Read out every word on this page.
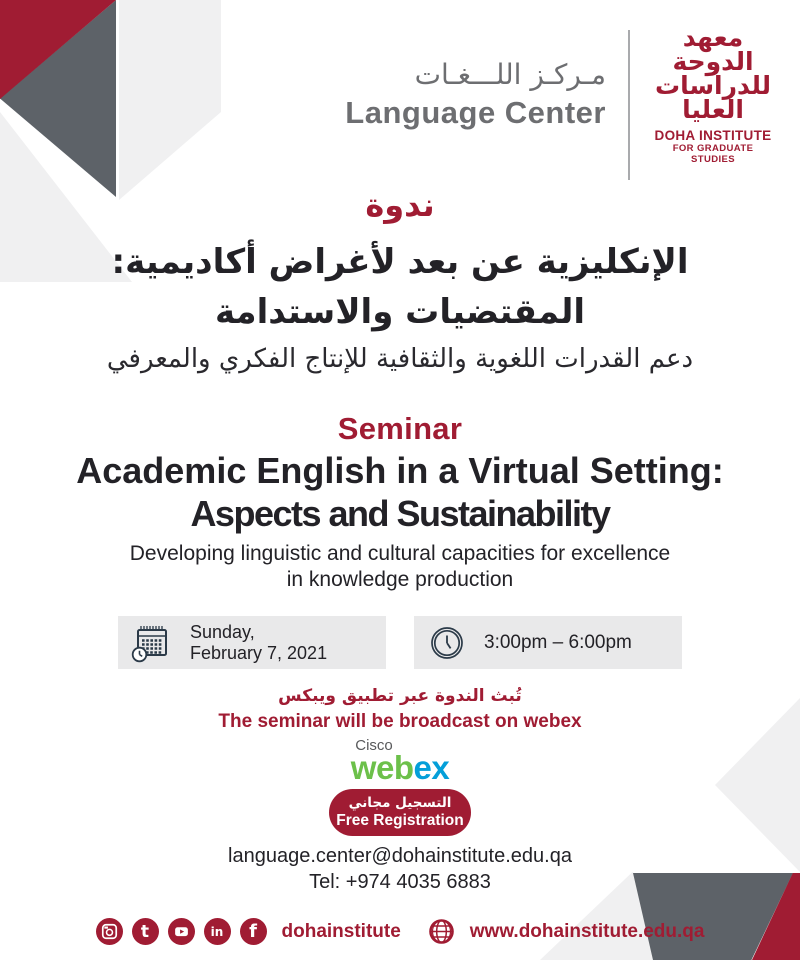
مـركـز اللـــغـات
Language Center
معهد
الدوحة
للدراسات
العليا
DOHA INSTITUTE
FOR GRADUATE STUDIES
ندوة
الإنكليزية عن بعد لأغراض أكاديمية:
المقتضيات والاستدامة
دعم القدرات اللغوية والثقافية للإنتاج الفكري والمعرفي
Seminar
Academic English in a Virtual Setting:
Aspects and Sustainability
Developing linguistic and cultural capacities for excellence
in knowledge production
Sunday,
February 7, 2021	3:00pm – 6:00pm
تُبث الندوة عبر تطبيق ويبكس
The seminar will be broadcast on webex
Cisco
webex
التسجيل مجاني
Free Registration
language.center@dohainstitute.edu.qa
Tel: +974 4035 6883
t	in f dohainstitute	www.dohainstitute.edu.qa
